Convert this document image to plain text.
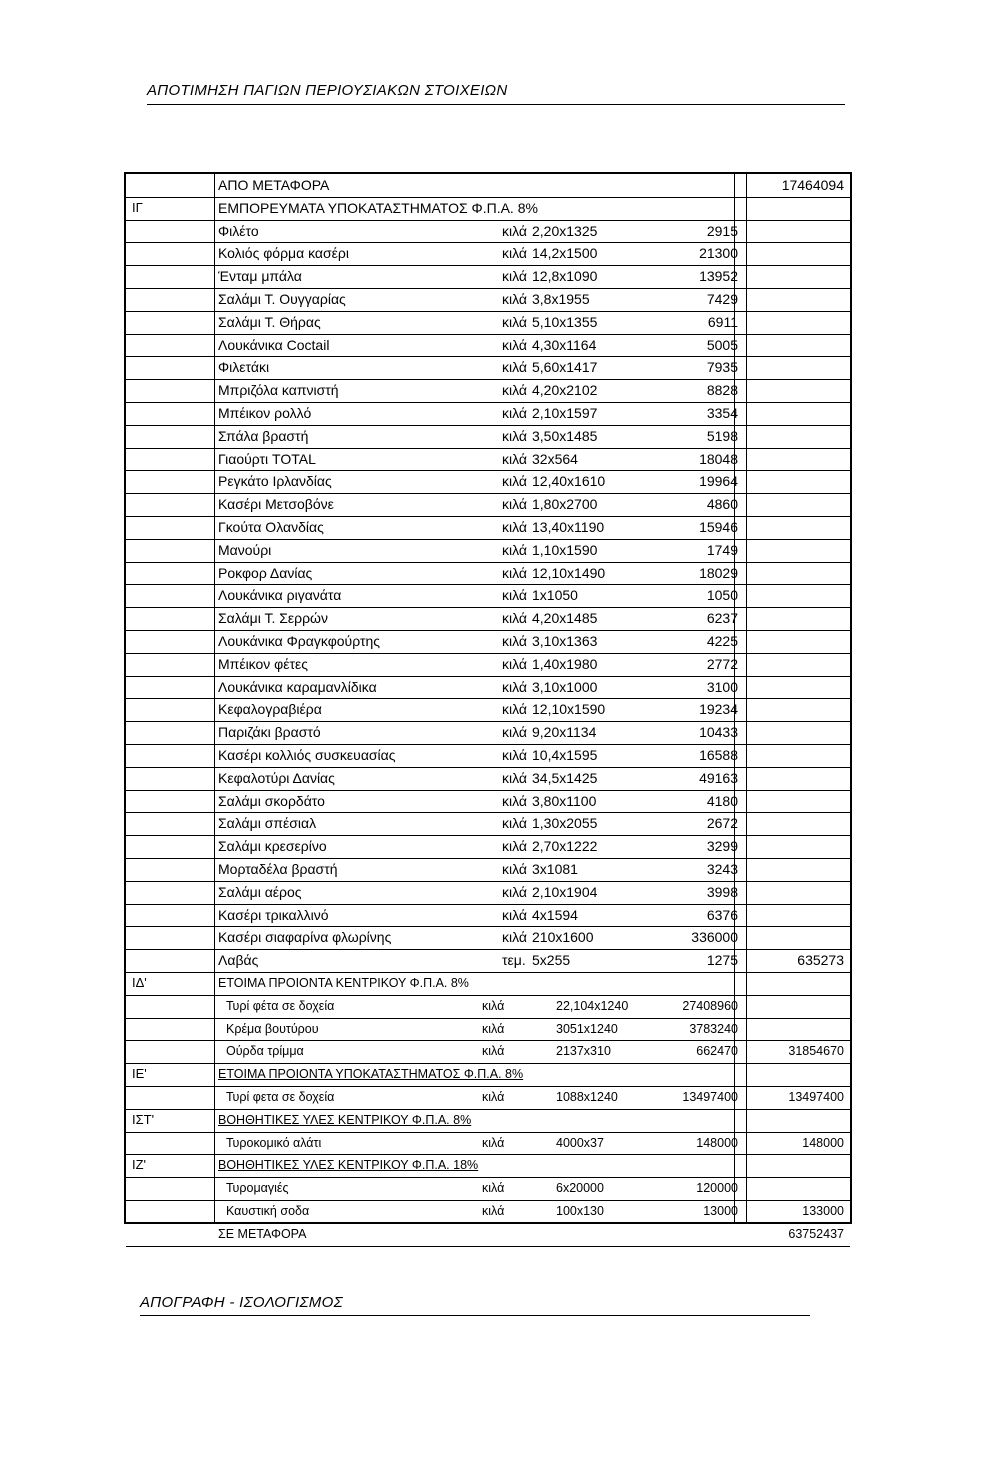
ΑΠΟΤΙΜΗΣΗ ΠΑΓΙΩΝ ΠΕΡΙΟΥΣΙΑΚΩΝ ΣΤΟΙΧΕΙΩΝ
ΑΠΟ ΜΕΤΑΦΟΡΑ	17464094
ΙΓ	ΕΜΠΟΡΕΥΜΑΤΑ ΥΠΟΚΑΤΑΣΤΗΜΑΤΟΣ Φ.Π.Α. 8%
Φιλέτο	κιλά 2,20x1325	2915
Κολιός φόρμα κασέρι	κιλά 14,2x1500	21300
Ένταμ μπάλα	κιλά 12,8x1090	13952
Σαλάμι Τ. Ουγγαρίας	κιλά 3,8x1955	7429
Σαλάμι Τ. Θήρας	κιλά 5,10x1355	6911
Λουκάνικα Coctail	κιλά 4,30x1164	5005
Φιλετάκι	κιλά 5,60x1417	7935
Μπριζόλα καπνιστή	κιλά 4,20x2102	8828
Μπέικον ρολλό	κιλά 2,10x1597	3354
Σπάλα βραστή	κιλά 3,50x1485	5198
Γιαούρτι TOTAL	κιλά 32x564	18048
Ρεγκάτο Ιρλανδίας	κιλά 12,40x1610	19964
Κασέρι Μετσοβόνε	κιλά 1,80x2700	4860
Γκούτα Ολανδίας	κιλά 13,40x1190	15946
Μανούρι	κιλά 1,10x1590	1749
Ροκφορ Δανίας	κιλά 12,10x1490	18029
Λουκάνικα ριγανάτα	κιλά 1x1050	1050
Σαλάμι Τ. Σερρών	κιλά 4,20x1485	6237
Λουκάνικα Φραγκφούρτης	κιλά 3,10x1363	4225
Μπέικον φέτες	κιλά 1,40x1980	2772
Λουκάνικα καραμανλίδικα	κιλά 3,10x1000	3100
Κεφαλογραβιέρα	κιλά 12,10x1590	19234
Παριζάκι βραστό	κιλά 9,20x1134	10433
Κασέρι κολλιός συσκευασίας	κιλά 10,4x1595	16588
Κεφαλοτύρι Δανίας	κιλά 34,5x1425	49163
Σαλάμι σκορδάτο	κιλά 3,80x1100	4180
Σαλάμι σπέσιαλ	κιλά 1,30x2055	2672
Σαλάμι κρεσερίνο	κιλά 2,70x1222	3299
Μορταδέλα βραστή	κιλά 3x1081	3243
Σαλάμι αέρος	κιλά 2,10x1904	3998
Κασέρι τρικαλλινό	κιλά 4x1594	6376
Κασέρι σιαφαρίνα φλωρίνης	κιλά 210x1600	336000
Λαβάς	τεμ. 5x255	1275	635273
ΙΔ'	ΕΤΟΙΜΑ ΠΡΟΙΟΝΤΑ ΚΕΝΤΡΙΚΟΥ Φ.Π.Α. 8%
Τυρί φέτα σε δοχεία	κιλά	22,104x1240	27408960
Κρέμα βουτύρου	κιλά	3051x1240	3783240
Ούρδα τρίμμα	κιλά	2137x310	662470	31854670
ΙΕ'	ΕΤΟΙΜΑ ΠΡΟΙΟΝΤΑ ΥΠΟΚΑΤΑΣΤΗΜΑΤΟΣ Φ.Π.Α. 8%
Τυρί φετα σε δοχεία	κιλά	1088x1240	13497400	13497400
ΙΣΤ'	ΒΟΗΘΗΤΙΚΕΣ ΥΛΕΣ ΚΕΝΤΡΙΚΟΥ Φ.Π.Α. 8%
Τυροκομικό αλάτι	κιλά	4000x37	148000	148000
ΙΖ'	ΒΟΗΘΗΤΙΚΕΣ ΥΛΕΣ ΚΕΝΤΡΙΚΟΥ Φ.Π.Α. 18%
Τυρομαγιές	κιλά	6x20000	120000
Καυστική σοδα	κιλά	100x130	13000	133000
ΣΕ ΜΕΤΑΦΟΡΑ	63752437
ΑΠΟΓΡΑΦΗ - ΙΣΟΛΟΓΙΣΜΟΣ
